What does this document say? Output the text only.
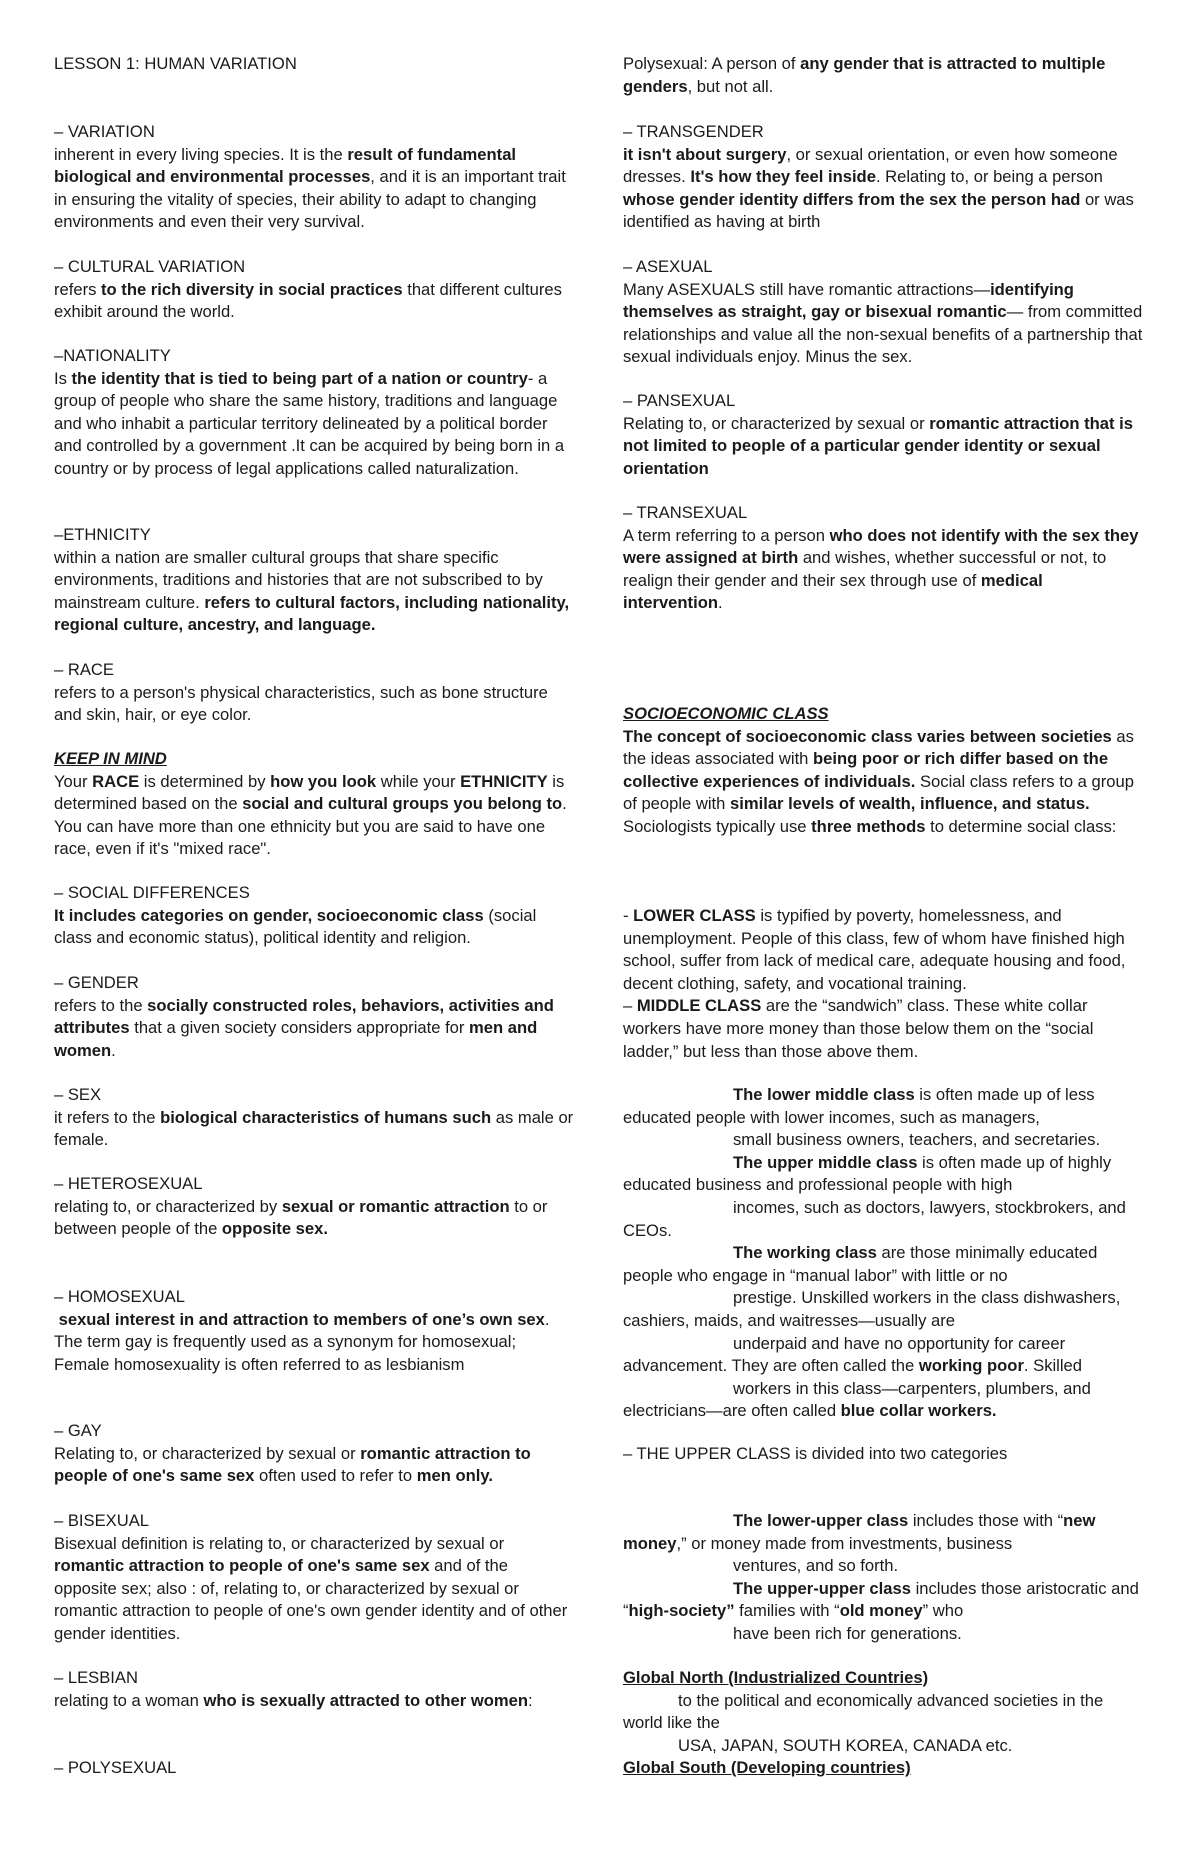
LESSON 1: HUMAN VARIATION

– VARIATION

inherent in every living species. It is the result of fundamental biological and environmental processes, and it is an important trait in ensuring the vitality of species, their ability to adapt to changing environments and even their very survival.

– CULTURAL VARIATION

refers to the rich diversity in social practices that different cultures exhibit around the world.

–NATIONALITY

Is the identity that is tied to being part of a nation or country- a group of people who share the same history, traditions and language and who inhabit a particular territory delineated by a political border and controlled by a government .It can be acquired by being born in a country or by process of legal applications called naturalization.

–ETHNICITY

within a nation are smaller cultural groups that share specific environments, traditions and histories that are not subscribed to by mainstream culture. refers to cultural factors, including nationality, regional culture, ancestry, and language.

– RACE

refers to a person's physical characteristics, such as bone structure and skin, hair, or eye color.

KEEP IN MIND

Your RACE is determined by how you look while your ETHNICITY is determined based on the social and cultural groups you belong to. You can have more than one ethnicity but you are said to have one race, even if it's "mixed race".

– SOCIAL DIFFERENCES

It includes categories on gender, socioeconomic class (social class and economic status), political identity and religion.

– GENDER

refers to the socially constructed roles, behaviors, activities and attributes that a given society considers appropriate for men and women.

– SEX

it refers to the biological characteristics of humans such as male or female.

– HETEROSEXUAL

relating to, or characterized by sexual or romantic attraction to or between people of the opposite sex.

– HOMOSEXUAL

sexual interest in and attraction to members of one’s own sex. The term gay is frequently used as a synonym for homosexual; Female homosexuality is often referred to as lesbianism

– GAY

Relating to, or characterized by sexual or romantic attraction to people of one's same sex often used to refer to men only.

– BISEXUAL

Bisexual definition is relating to, or characterized by sexual or romantic attraction to people of one's same sex and of the opposite sex; also : of, relating to, or characterized by sexual or romantic attraction to people of one's own gender identity and of other gender identities.

– LESBIAN

relating to a woman who is sexually attracted to other women:

– POLYSEXUAL

Polysexual: A person of any gender that is attracted to multiple genders, but not all.

– TRANSGENDER

it isn't about surgery, or sexual orientation, or even how someone dresses. It's how they feel inside. Relating to, or being a person whose gender identity differs from the sex the person had or was identified as having at birth

– ASEXUAL

Many ASEXUALS still have romantic attractions—identifying themselves as straight, gay or bisexual romantic— from committed relationships and value all the non-sexual benefits of a partnership that sexual individuals enjoy. Minus the sex.

– PANSEXUAL

Relating to, or characterized by sexual or romantic attraction that is not limited to people of a particular gender identity or sexual orientation

– TRANSEXUAL

A term referring to a person who does not identify with the sex they were assigned at birth and wishes, whether successful or not, to realign their gender and their sex through use of medical intervention.

SOCIOECONOMIC CLASS

The concept of socioeconomic class varies between societies as the ideas associated with being poor or rich differ based on the collective experiences of individuals. Social class refers to a group of people with similar levels of wealth, influence, and status. Sociologists typically use three methods to determine social class:

- LOWER CLASS is typified by poverty, homelessness, and unemployment. People of this class, few of whom have finished high school, suffer from lack of medical care, adequate housing and food, decent clothing, safety, and vocational training.

– MIDDLE CLASS are the “sandwich” class. These white collar workers have more money than those below them on the “social ladder,” but less than those above them.

The lower middle class is often made up of less educated people with lower incomes, such as managers,

small business owners, teachers, and secretaries.

The upper middle class is often made up of highly educated business and professional people with high

incomes, such as doctors, lawyers, stockbrokers, and CEOs.

The working class are those minimally educated people who engage in “manual labor” with little or no

prestige. Unskilled workers in the class dishwashers, cashiers, maids, and waitresses—usually are

underpaid and have no opportunity for career advancement. They are often called the working poor. Skilled

workers in this class—carpenters, plumbers, and electricians—are often called blue collar workers.

– THE UPPER CLASS is divided into two categories

The lower-upper class includes those with “new money,” or money made from investments, business

ventures, and so forth.

The upper-upper class includes those aristocratic and “high-society” families with “old money” who

have been rich for generations.

Global North (Industrialized Countries)

to the political and economically advanced societies in the world like the

USA, JAPAN, SOUTH KOREA, CANADA etc.

Global South (Developing countries)
